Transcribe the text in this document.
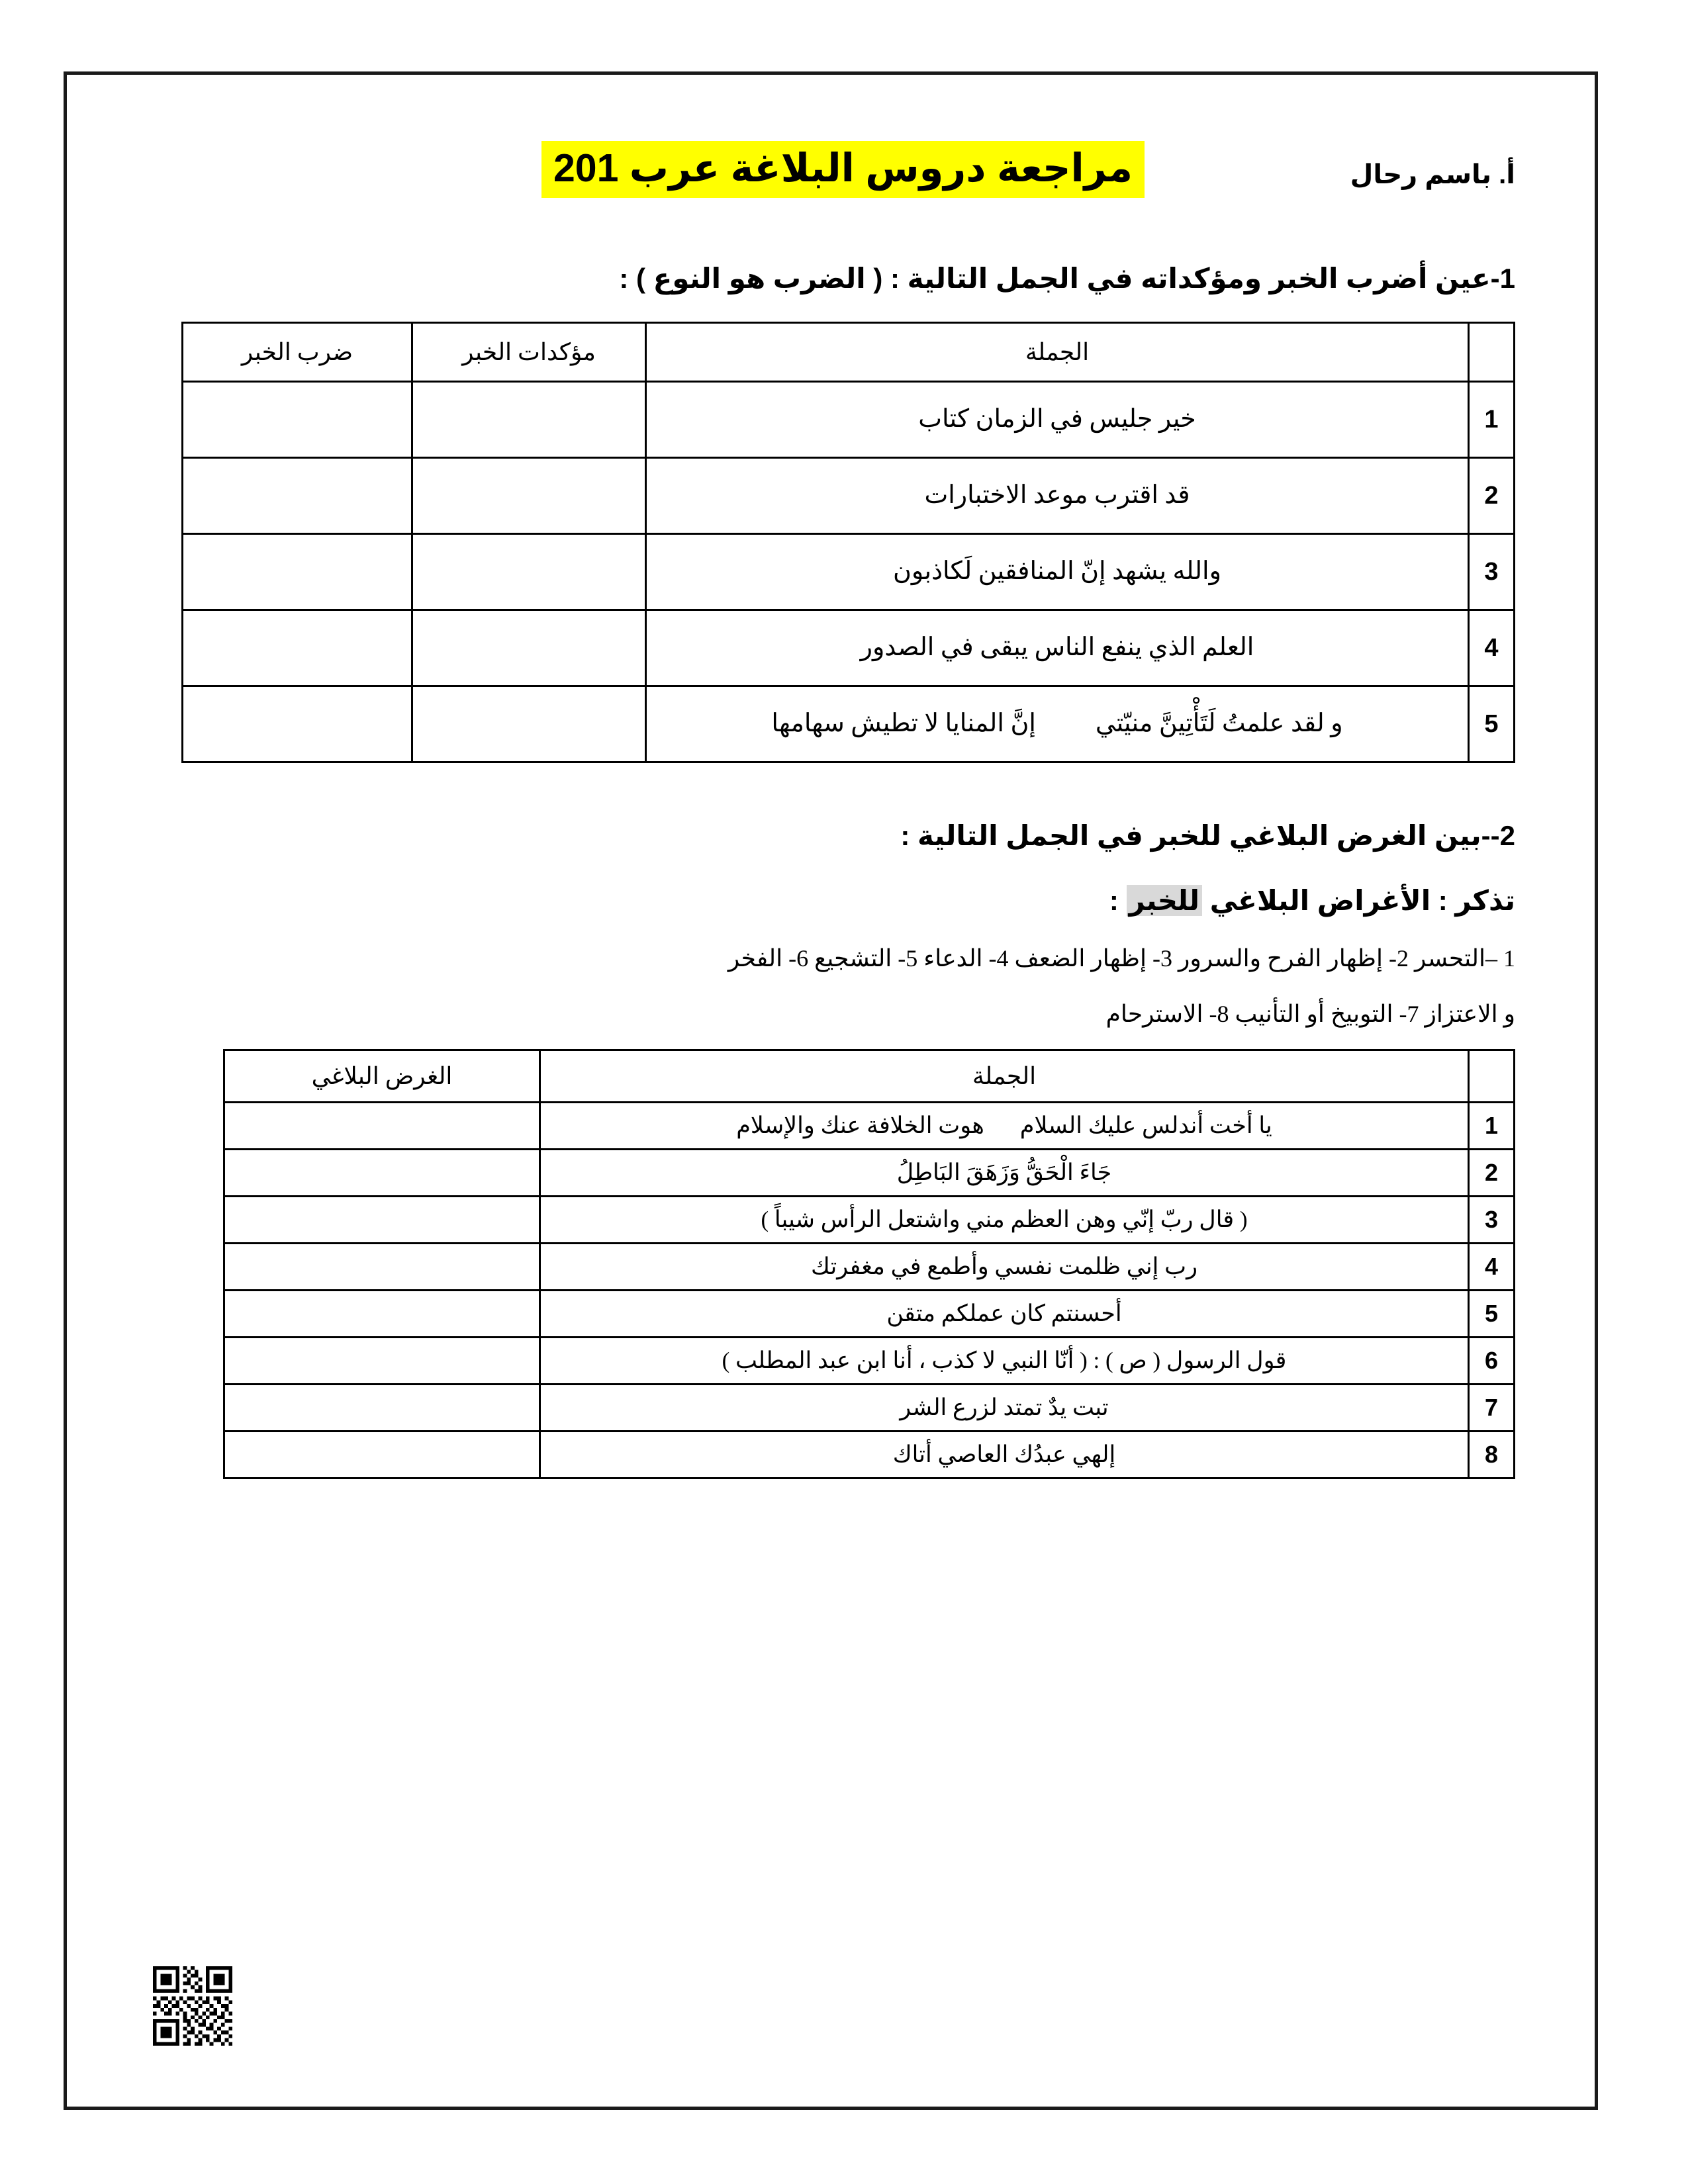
أ. باسم رحال
مراجعة دروس البلاغة عرب 201

1-عين أضرب الخبر ومؤكداته في الجمل التالية : ( الضرب هو النوع ) :

	الجملة	مؤكدات الخبر	ضرب الخبر
1	خير جليس في الزمان كتاب		
2	قد اقترب موعد الاختبارات		
3	والله يشهد إنّ المنافقين لَكاذبون		
4	العلم الذي ينفع الناس يبقى في الصدور		
5	و لقد علمتُ لَتَأْتِينَّ منيّتيإنَّ المنايا لا تطيش سهامها		

2--بين الغرض البلاغي للخبر في الجمل التالية :

تذكر : الأغراض البلاغي للخبر :

1 –التحسر 2- إظهار الفرح والسرور 3- إظهار الضعف 4- الدعاء 5- التشجيع 6- الفخر

و الاعتزاز 7- التوبيخ أو التأنيب 8- الاسترحام

	الجملة	الغرض البلاغي
1	يا أخت أندلس عليك السلامهوت الخلافة عنك والإسلام	
2	جَاءَ الْحَقُّ وَزَهَقَ البَاطِلُ	
3	( قال ربّ إنّي وهن العظم مني واشتعل الرأس شيباً )	
4	رب إني ظلمت نفسي وأطمع في مغفرتك	
5	أحسنتم كان عملكم متقن	
6	قول الرسول ( ص ) : ( أنّا النبي لا كذب ، أنا ابن عبد المطلب )	
7	تبت يدٌ تمتد لزرع الشر	
8	إلهي عبدُك العاصي أتاك	
